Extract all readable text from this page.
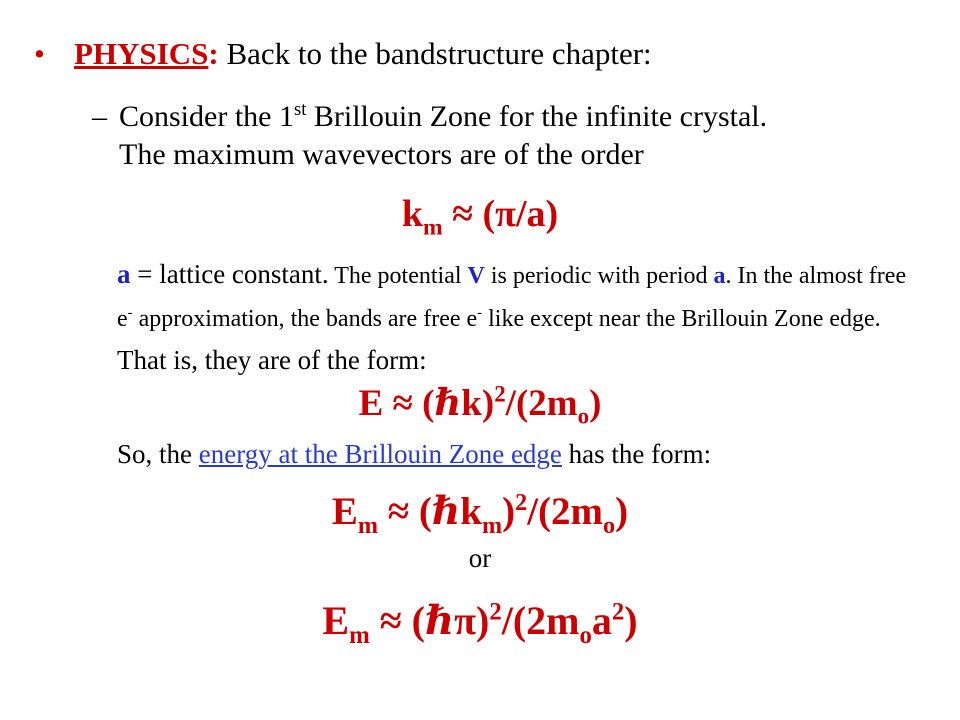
• PHYSICS: Back to the bandstructure chapter:
– Consider the 1st Brillouin Zone for the infinite crystal.
The maximum wavevectors are of the order
$k_m \approx (\pi/a)$
a = lattice constant. The potential V is periodic with period a. In the almost free e- approximation, the bands are free e- like except near the Brillouin Zone edge. That is, they are of the form:
$E \approx (\hbar k)^2/(2m_o)$
So, the energy at the Brillouin Zone edge has the form:
$E_m$ ≈ $(\hbar k_m)^2/(2m_o)$
or
$E_m$ ≈ $(\hbar\pi)^2/(2m_oa^2)$
